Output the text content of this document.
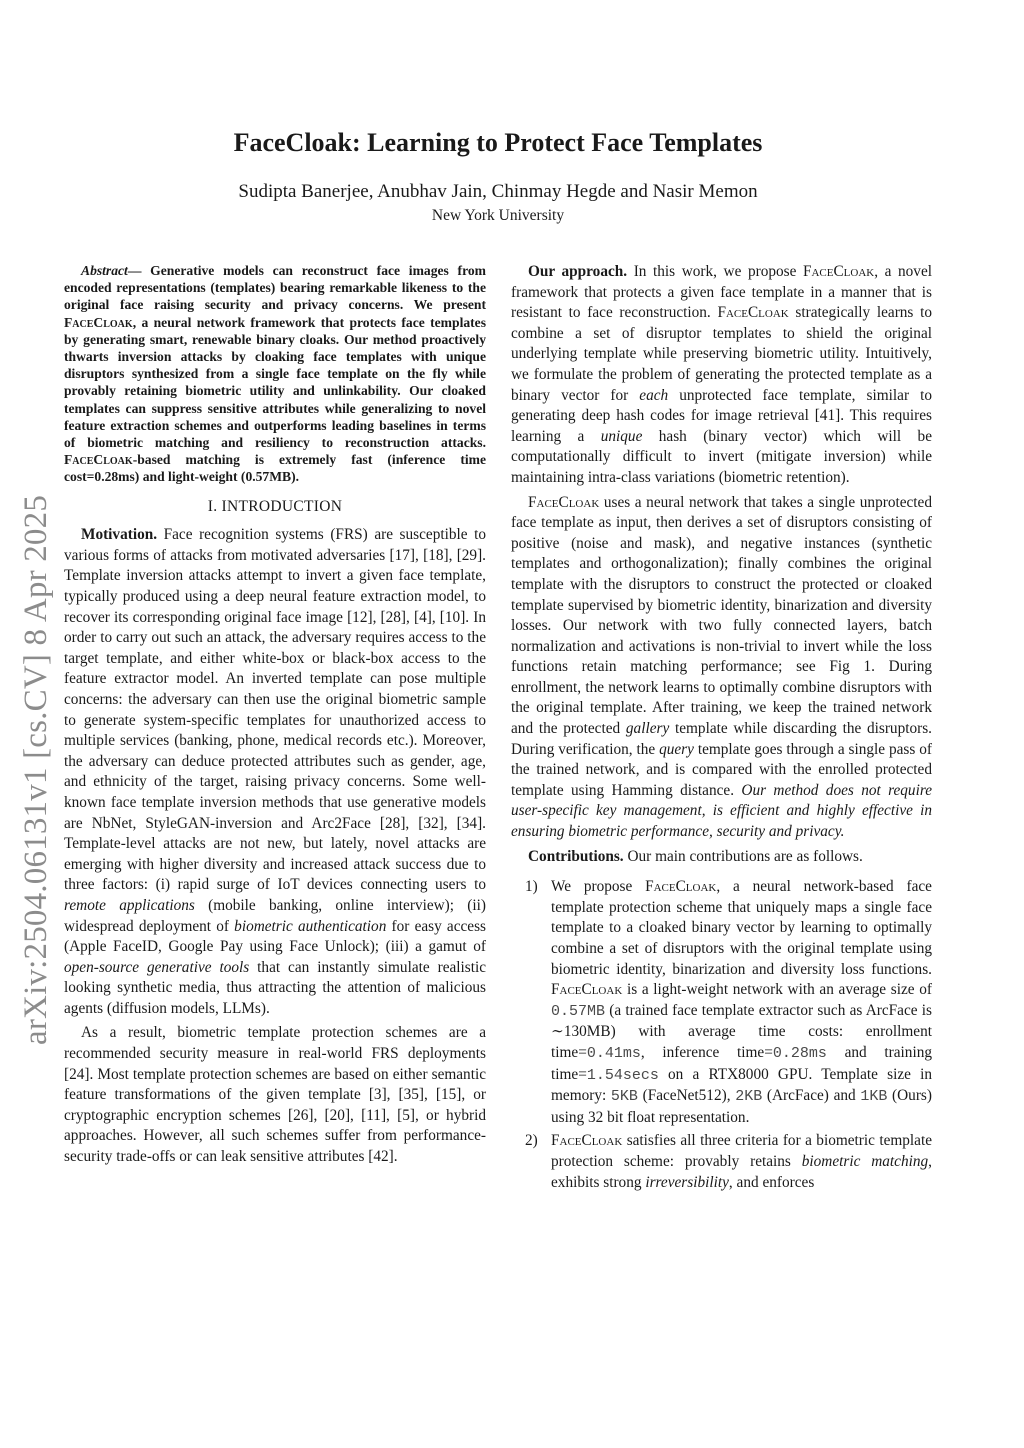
arXiv:2504.06131v1 [cs.CV] 8 Apr 2025
FaceCloak: Learning to Protect Face Templates
Sudipta Banerjee, Anubhav Jain, Chinmay Hegde and Nasir Memon
New York University

Abstract— Generative models can reconstruct face images from encoded representations (templates) bearing remarkable likeness to the original face raising security and privacy concerns. We present FaceCloak, a neural network framework that protects face templates by generating smart, renewable binary cloaks. Our method proactively thwarts inversion attacks by cloaking face templates with unique disruptors synthesized from a single face template on the fly while provably retaining biometric utility and unlinkability. Our cloaked templates can suppress sensitive attributes while generalizing to novel feature extraction schemes and outperforms leading baselines in terms of biometric matching and resiliency to reconstruction attacks. FaceCloak-based matching is extremely fast (inference time cost=0.28ms) and light-weight (0.57MB).

I. INTRODUCTION

Motivation. Face recognition systems (FRS) are susceptible to various forms of attacks from motivated adversaries [17], [18], [29]. Template inversion attacks attempt to invert a given face template, typically produced using a deep neural feature extraction model, to recover its corresponding original face image [12], [28], [4], [10]. In order to carry out such an attack, the adversary requires access to the target template, and either white-box or black-box access to the feature extractor model. An inverted template can pose multiple concerns: the adversary can then use the original biometric sample to generate system-specific templates for unauthorized access to multiple services (banking, phone, medical records etc.). Moreover, the adversary can deduce protected attributes such as gender, age, and ethnicity of the target, raising privacy concerns. Some well-known face template inversion methods that use generative models are NbNet, StyleGAN-inversion and Arc2Face [28], [32], [34]. Template-level attacks are not new, but lately, novel attacks are emerging with higher diversity and increased attack success due to three factors: (i) rapid surge of IoT devices connecting users to remote applications (mobile banking, online interview); (ii) widespread deployment of biometric authentication for easy access (Apple FaceID, Google Pay using Face Unlock); (iii) a gamut of open-source generative tools that can instantly simulate realistic looking synthetic media, thus attracting the attention of malicious agents (diffusion models, LLMs).

As a result, biometric template protection schemes are a recommended security measure in real-world FRS deployments [24]. Most template protection schemes are based on either semantic feature transformations of the given template [3], [35], [15], or cryptographic encryption schemes [26], [20], [11], [5], or hybrid approaches. However, all such schemes suffer from performance-security trade-offs or can leak sensitive attributes [42].

Our approach. In this work, we propose FaceCloak, a novel framework that protects a given face template in a manner that is resistant to face reconstruction. FaceCloak strategically learns to combine a set of disruptor templates to shield the original underlying template while preserving biometric utility. Intuitively, we formulate the problem of generating the protected template as a binary vector for each unprotected face template, similar to generating deep hash codes for image retrieval [41]. This requires learning a unique hash (binary vector) which will be computationally difficult to invert (mitigate inversion) while maintaining intra-class variations (biometric retention).

FaceCloak uses a neural network that takes a single unprotected face template as input, then derives a set of disruptors consisting of positive (noise and mask), and negative instances (synthetic templates and orthogonalization); finally combines the original template with the disruptors to construct the protected or cloaked template supervised by biometric identity, binarization and diversity losses. Our network with two fully connected layers, batch normalization and activations is non-trivial to invert while the loss functions retain matching performance; see Fig 1. During enrollment, the network learns to optimally combine disruptors with the original template. After training, we keep the trained network and the protected gallery template while discarding the disruptors. During verification, the query template goes through a single pass of the trained network, and is compared with the enrolled protected template using Hamming distance. Our method does not require user-specific key management, is efficient and highly effective in ensuring biometric performance, security and privacy.

Contributions. Our main contributions are as follows.

1) We propose FaceCloak, a neural network-based face template protection scheme that uniquely maps a single face template to a cloaked binary vector by learning to optimally combine a set of disruptors with the original template using biometric identity, binarization and diversity loss functions. FaceCloak is a light-weight network with an average size of 0.57MB (a trained face template extractor such as ArcFace is ∼130MB) with average time costs: enrollment time=0.41ms, inference time=0.28ms and training time=1.54secs on a RTX8000 GPU. Template size in memory: 5KB (FaceNet512), 2KB (ArcFace) and 1KB (Ours) using 32 bit float representation.
2) FaceCloak satisfies all three criteria for a biometric template protection scheme: provably retains biometric matching, exhibits strong irreversibility, and enforces
